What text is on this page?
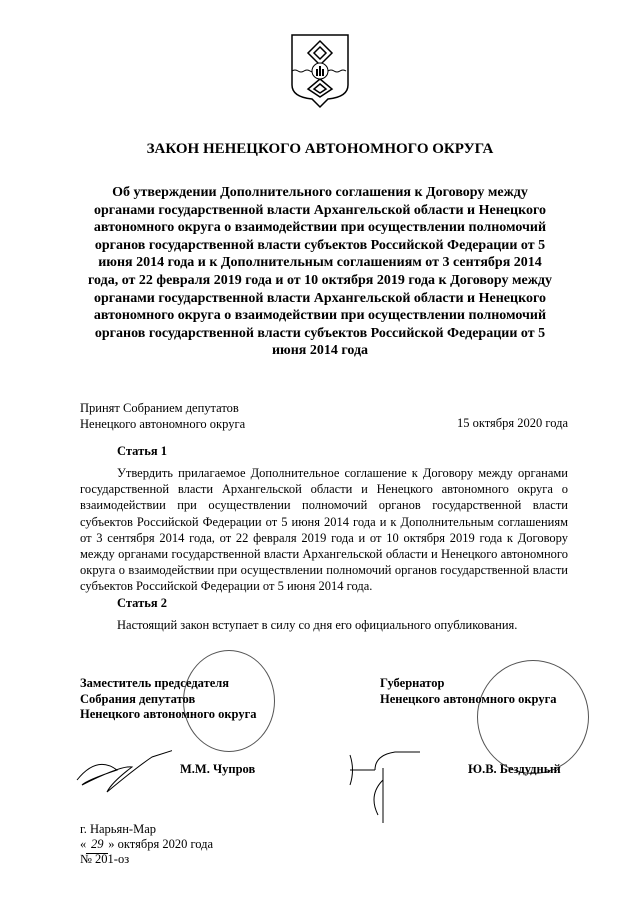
ЗАКОН НЕНЕЦКОГО АВТОНОМНОГО ОКРУГА
Об утверждении Дополнительного соглашения к Договору между органами государственной власти Архангельской области и Ненецкого автономного округа о взаимодействии при осуществлении полномочий органов государственной власти субъектов Российской Федерации от 5 июня 2014 года и к Дополнительным соглашениям от 3 сентября 2014 года, от 22 февраля 2019 года и от 10 октября 2019 года к Договору между органами государственной власти Архангельской области и Ненецкого автономного округа о взаимодействии при осуществлении полномочий органов государственной власти субъектов Российской Федерации от 5 июня 2014 года
Принят Собранием депутатов
Ненецкого автономного округа	15 октября 2020 года
Статья 1
Утвердить прилагаемое Дополнительное соглашение к Договору между органами государственной власти Архангельской области и Ненецкого автономного округа о взаимодействии при осуществлении полномочий органов государственной власти субъектов Российской Федерации от 5 июня 2014 года и к Дополнительным соглашениям от 3 сентября 2014 года, от 22 февраля 2019 года и от 10 октября 2019 года к Договору между органами государственной власти Архангельской области и Ненецкого автономного округа о взаимодействии при осуществлении полномочий органов государственной власти субъектов Российской Федерации от 5 июня 2014 года.
Статья 2
Настоящий закон вступает в силу со дня его официального опубликования.
Заместитель председателя
Собрания депутатов
Ненецкого автономного округа
М.М. Чупров
Губернатор
Ненецкого автономного округа
Ю.В. Бездудный
г. Нарьян-Мар
« 29 » октября 2020 года
№ 201-оз
